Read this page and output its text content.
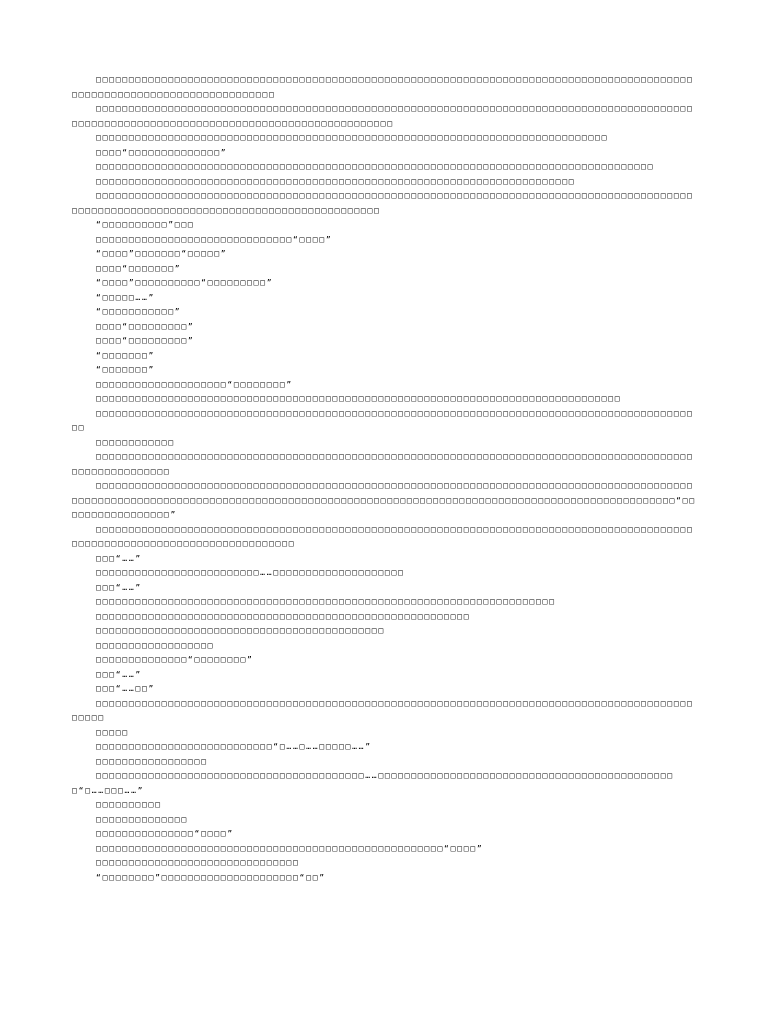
□□□□□□□□□□□□□□□□□□□□□□□□□□□□□□□□□□□□□□□□□□□□□□□□□□□□□□□□□□□□□□□□□□□□□□□□□□□□□□□□□□□□□□□□□□□□□□□□□□□□□□□□□□□□□□□□□□□□□□□□□□

□□□□□□□□□□□□□□□□□□□□□□□□□□□□□□□□□□□□□□□□□□□□□□□□□□□□□□□□□□□□□□□□□□□□□□□□□□□□□□□□□□□□□□□□□□□□□□□□□□□□□□□□□□□□□□□□□□□□□□□□□□□□□□□□□□□□□□□□□□□□

□□□□□□□□□□□□□□□□□□□□□□□□□□□□□□□□□□□□□□□□□□□□□□□□□□□□□□□□□□□□□□□□□□□□□□□□□□□□□□

□□□□“□□□□□□□□□□□□□□”

□□□□□□□□□□□□□□□□□□□□□□□□□□□□□□□□□□□□□□□□□□□□□□□□□□□□□□□□□□□□□□□□□□□□□□□□□□□□□□□□□□□□□

□□□□□□□□□□□□□□□□□□□□□□□□□□□□□□□□□□□□□□□□□□□□□□□□□□□□□□□□□□□□□□□□□□□□□□□□□

□□□□□□□□□□□□□□□□□□□□□□□□□□□□□□□□□□□□□□□□□□□□□□□□□□□□□□□□□□□□□□□□□□□□□□□□□□□□□□□□□□□□□□□□□□□□□□□□□□□□□□□□□□□□□□□□□□□□□□□□□□□□□□□□□□□□□□□□□□

“□□□□□□□□□□”□□□

□□□□□□□□□□□□□□□□□□□□□□□□□□□□□□“□□□□”

“□□□□”□□□□□□□“□□□□□”

□□□□“□□□□□□□”

“□□□□”□□□□□□□□□□“□□□□□□□□□”

“□□□□□……”

“□□□□□□□□□□□”

□□□□“□□□□□□□□□”

□□□□“□□□□□□□□□”

“□□□□□□□”

“□□□□□□□”

□□□□□□□□□□□□□□□□□□□□“□□□□□□□□”

□□□□□□□□□□□□□□□□□□□□□□□□□□□□□□□□□□□□□□□□□□□□□□□□□□□□□□□□□□□□□□□□□□□□□□□□□□□□□□□□

□□□□□□□□□□□□□□□□□□□□□□□□□□□□□□□□□□□□□□□□□□□□□□□□□□□□□□□□□□□□□□□□□□□□□□□□□□□□□□□□□□□□□□□□□□□□□

□□□□□□□□□□□□

□□□□□□□□□□□□□□□□□□□□□□□□□□□□□□□□□□□□□□□□□□□□□□□□□□□□□□□□□□□□□□□□□□□□□□□□□□□□□□□□□□□□□□□□□□□□□□□□□□□□□□□□□□

□□□□□□□□□□□□□□□□□□□□□□□□□□□□□□□□□□□□□□□□□□□□□□□□□□□□□□□□□□□□□□□□□□□□□□□□□□□□□□□□□□□□□□□□□□□□□□□□□□□□□□□□□□□□□□□□□□□□□□□□□□□□□□□□□□□□□□□□□□□□□□□□□□□□□□□□□□□□□□□□□□□□□□□□□□□□□□□□□□□□□□□“□□□□□□□□□□□□□□□□□”

□□□□□□□□□□□□□□□□□□□□□□□□□□□□□□□□□□□□□□□□□□□□□□□□□□□□□□□□□□□□□□□□□□□□□□□□□□□□□□□□□□□□□□□□□□□□□□□□□□□□□□□□□□□□□□□□□□□□□□□□□□□□□

□□□“……”

□□□□□□□□□□□□□□□□□□□□□□□□□……□□□□□□□□□□□□□□□□□□□□

□□□“……”

□□□□□□□□□□□□□□□□□□□□□□□□□□□□□□□□□□□□□□□□□□□□□□□□□□□□□□□□□□□□□□□□□□□□□□

□□□□□□□□□□□□□□□□□□□□□□□□□□□□□□□□□□□□□□□□□□□□□□□□□□□□□□□□□

□□□□□□□□□□□□□□□□□□□□□□□□□□□□□□□□□□□□□□□□□□□□

□□□□□□□□□□□□□□□□□□

□□□□□□□□□□□□□□“□□□□□□□□”

□□□“……”

□□□“……□□”

□□□□□□□□□□□□□□□□□□□□□□□□□□□□□□□□□□□□□□□□□□□□□□□□□□□□□□□□□□□□□□□□□□□□□□□□□□□□□□□□□□□□□□□□□□□□□□□□

□□□□□

□□□□□□□□□□□□□□□□□□□□□□□□□□□“□……□……□□□□□……”

□□□□□□□□□□□□□□□□□

□□□□□□□□□□□□□□□□□□□□□□□□□□□□□□□□□□□□□□□□□……□□□□□□□□□□□□□□□□□□□□□□□□□□□□□□□□□□□□□□□□□□□□□□“□……□□□……”

□□□□□□□□□□

□□□□□□□□□□□□□□

□□□□□□□□□□□□□□□“□□□□”

□□□□□□□□□□□□□□□□□□□□□□□□□□□□□□□□□□□□□□□□□□□□□□□□□□□□□“□□□□”

□□□□□□□□□□□□□□□□□□□□□□□□□□□□□□□

“□□□□□□□□”□□□□□□□□□□□□□□□□□□□□□“□□”
